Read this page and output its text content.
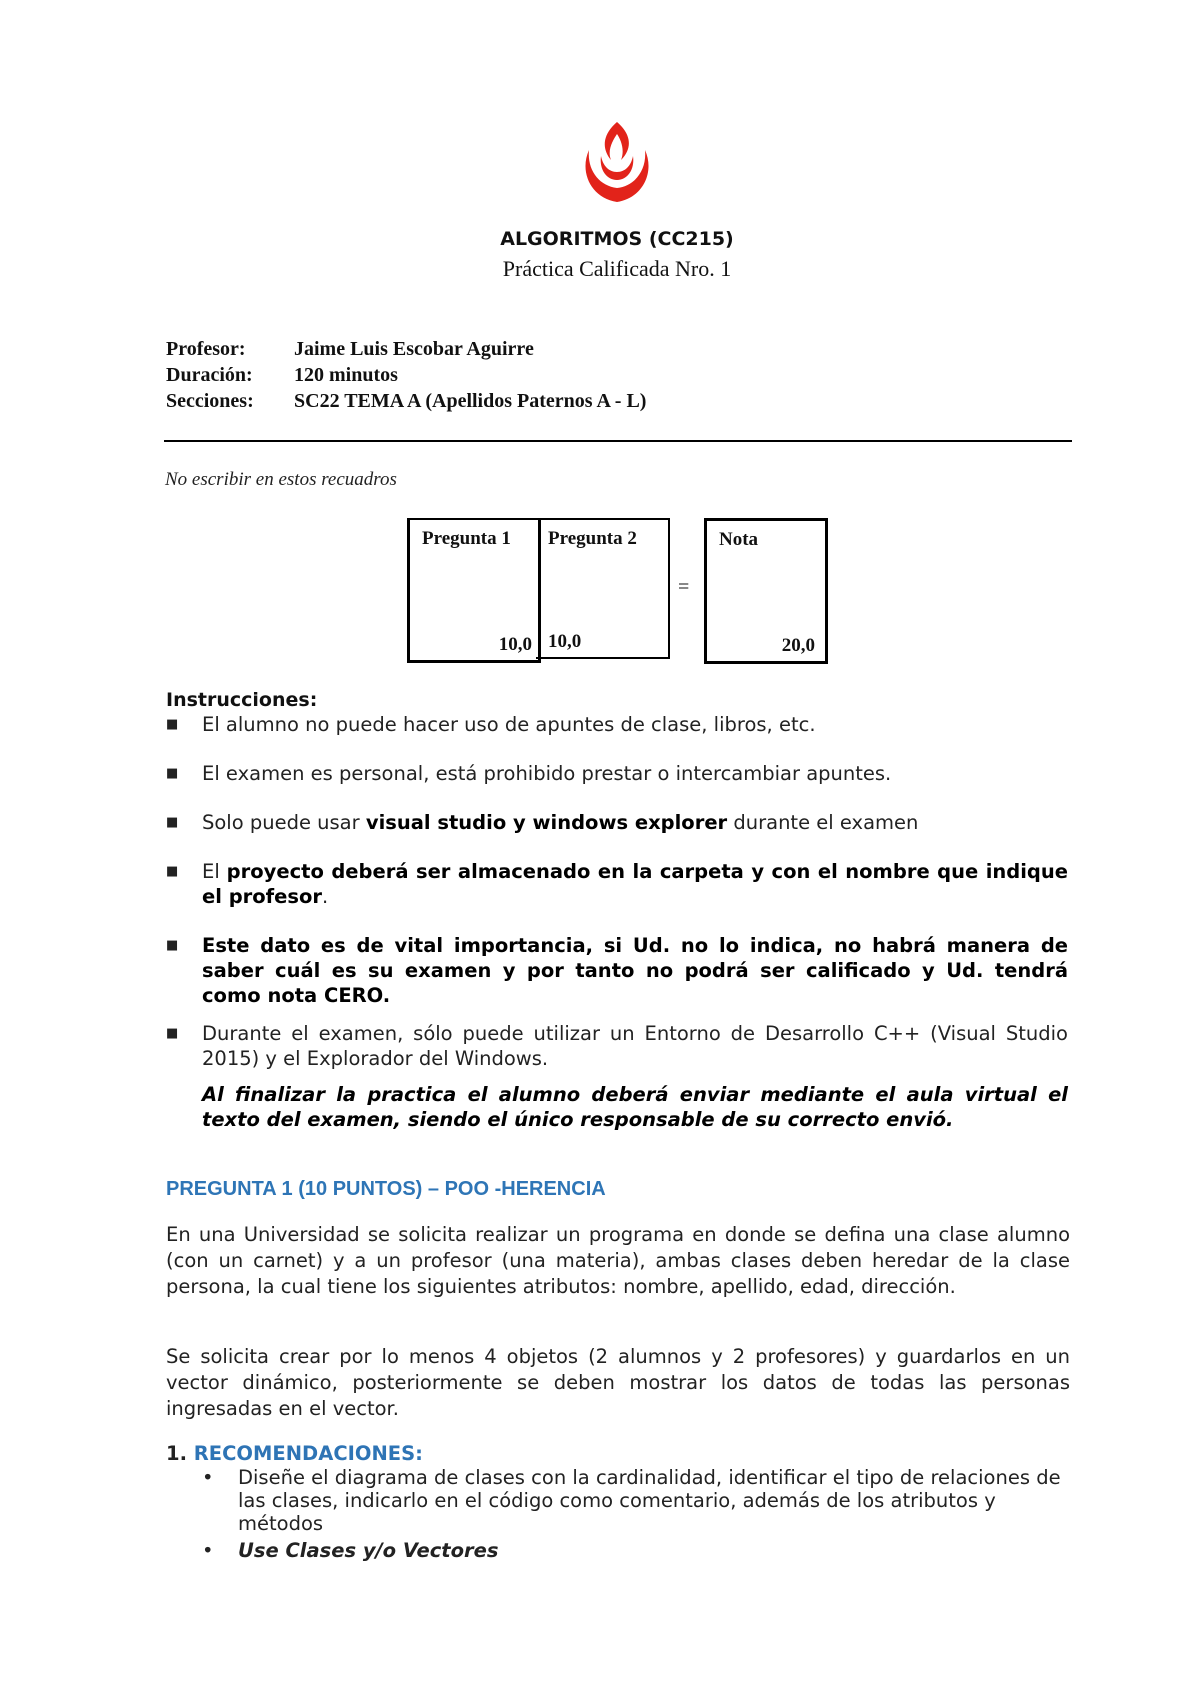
ALGORITMOS (CC215)
Práctica Calificada Nro. 1
Profesor: Jaime Luis Escobar Aguirre
Duración: 120 minutos
Secciones: SC22 TEMA A (Apellidos Paternos A - L)
No escribir en estos recuadros
Pregunta 1
10,0
Pregunta 2
10,0
=
Nota
20,0
Instrucciones:
■ El alumno no puede hacer uso de apuntes de clase, libros, etc.
■ El examen es personal, está prohibido prestar o intercambiar apuntes.
■ Solo puede usar visual studio y windows explorer durante el examen
■ El proyecto deberá ser almacenado en la carpeta y con el nombre que indique el profesor.
■ Este dato es de vital importancia, si Ud. no lo indica, no habrá manera de saber cuál es su examen y por tanto no podrá ser calificado y Ud. tendrá como nota CERO.
■ Durante el examen, sólo puede utilizar un Entorno de Desarrollo C++ (Visual Studio 2015) y el Explorador del Windows.
Al finalizar la practica el alumno deberá enviar mediante el aula virtual el texto del examen, siendo el único responsable de su correcto envió.
PREGUNTA 1 (10 PUNTOS) – POO -HERENCIA
En una Universidad se solicita realizar un programa en donde se defina una clase alumno (con un carnet) y a un profesor (una materia), ambas clases deben heredar de la clase persona, la cual tiene los siguientes atributos: nombre, apellido, edad, dirección.
Se solicita crear por lo menos 4 objetos (2 alumnos y 2 profesores) y guardarlos en un vector dinámico, posteriormente se deben mostrar los datos de todas las personas ingresadas en el vector.
1. RECOMENDACIONES:
• Diseñe el diagrama de clases con la cardinalidad, identificar el tipo de relaciones de las clases, indicarlo en el código como comentario, además de los atributos y métodos
• Use Clases y/o Vectores
